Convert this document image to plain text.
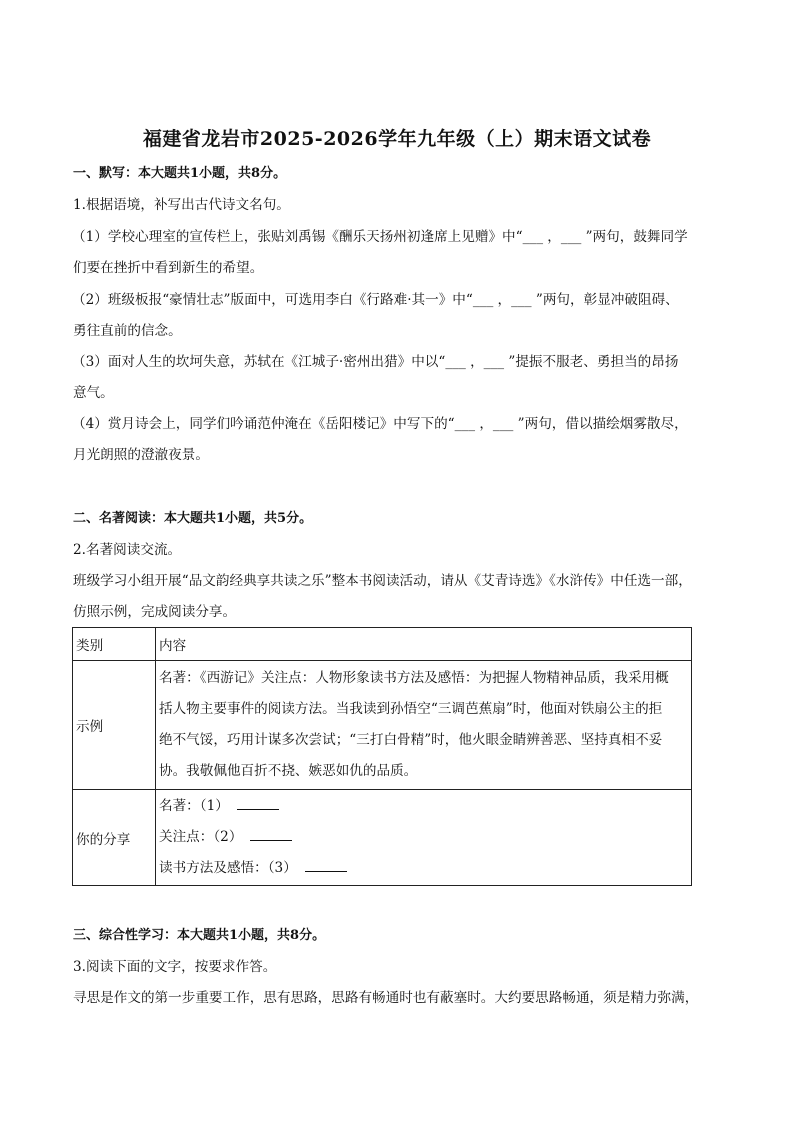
福建省龙岩市2025-2026学年九年级（上）期末语文试卷
一、默写：本大题共1小题，共8分。
1.根据语境，补写出古代诗文名句。
（1）学校心理室的宣传栏上，张贴刘禹锡《酬乐天扬州初逢席上见赠》中“___ ，___ ”两句，鼓舞同学
们要在挫折中看到新生的希望。
（2）班级板报“豪情壮志”版面中，可选用李白《行路难·其一》中“___ ，___ ”两句，彰显冲破阻碍、
勇往直前的信念。
（3）面对人生的坎坷失意，苏轼在《江城子·密州出猎》中以“___ ，___ ”提振不服老、勇担当的昂扬
意气。
（4）赏月诗会上，同学们吟诵范仲淹在《岳阳楼记》中写下的“___ ，___ ”两句，借以描绘烟雾散尽，
月光朗照的澄澈夜景。
二、名著阅读：本大题共1小题，共5分。
2.名著阅读交流。
班级学习小组开展“品文韵经典享共读之乐”整本书阅读活动，请从《艾青诗选》《水浒传》中任选一部，
仿照示例，完成阅读分享。
类别	内容
示例	名著：《西游记》关注点：人物形象读书方法及感悟：为把握人物精神品质，我采用概
括人物主要事件的阅读方法。当我读到孙悟空“三调芭蕉扇”时，他面对铁扇公主的拒
绝不气馁，巧用计谋多次尝试；“三打白骨精”时，他火眼金睛辨善恶、坚持真相不妥
协。我敬佩他百折不挠、嫉恶如仇的品质。

你的分享	名著：（1）
关注点：（2）
读书方法及感悟：（3）
三、综合性学习：本大题共1小题，共8分。
3.阅读下面的文字，按要求作答。
寻思是作文的第一步重要工作，思有思路，思路有畅通时也有蔽塞时。大约要思路畅通，须是精力弥满，
